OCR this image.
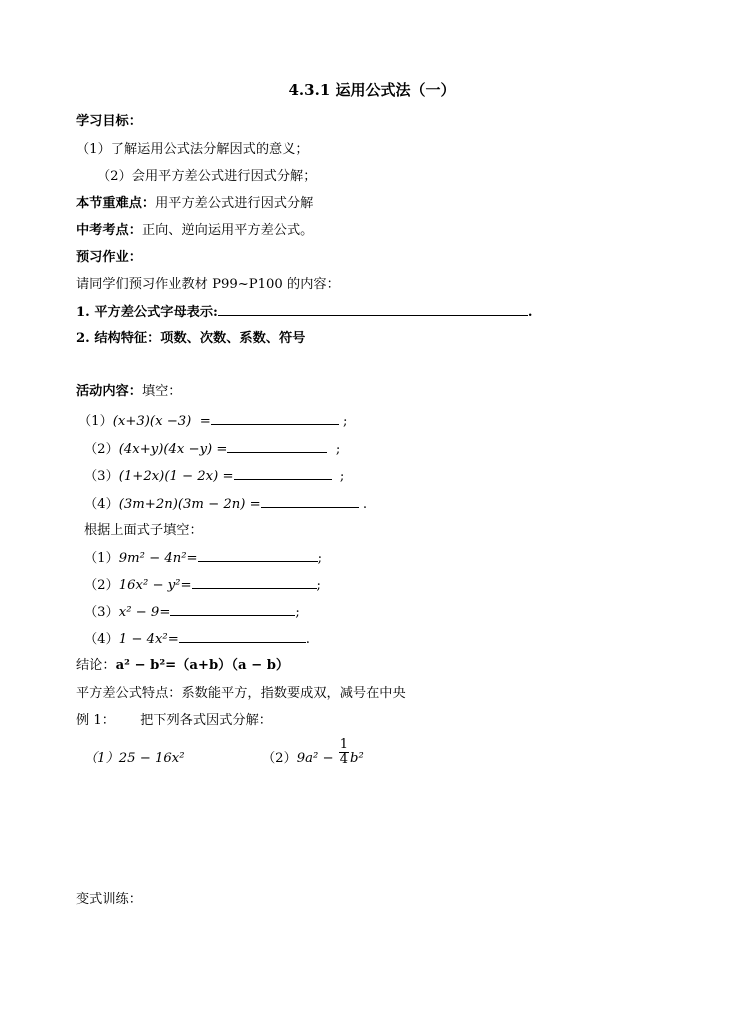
4.3.1 运用公式法（一）
学习目标：
（1）了解运用公式法分解因式的意义；
（2）会用平方差公式进行因式分解；
本节重难点：用平方差公式进行因式分解
中考考点：正向、逆向运用平方差公式。
预习作业：
请同学们预习作业教材 P99~P100 的内容：
1. 平方差公式字母表示:	.
2. 结构特征：项数、次数、系数、符号
活动内容：填空：
（1）(x+3)(x −3) =	;
（2）(4x+y)(4x −y) =	;
（3）(1+2x)(1 − 2x) =	;
（4）(3m+2n)(3m − 2n) =	.
根据上面式子填空：
（1）9m² − 4n²=	;
（2）16x² − y²=	;
（3）x² − 9=	;
（4）1 − 4x²=	.
结论：a² − b²=（a+b）（a − b）
平方差公式特点：系数能平方，指数要成双，减号在中央
例 1： 把下列各式因式分解：
（1）25 − 16x²	$(2)9a^2 - \frac{1}{4} b^2$
变式训练：
